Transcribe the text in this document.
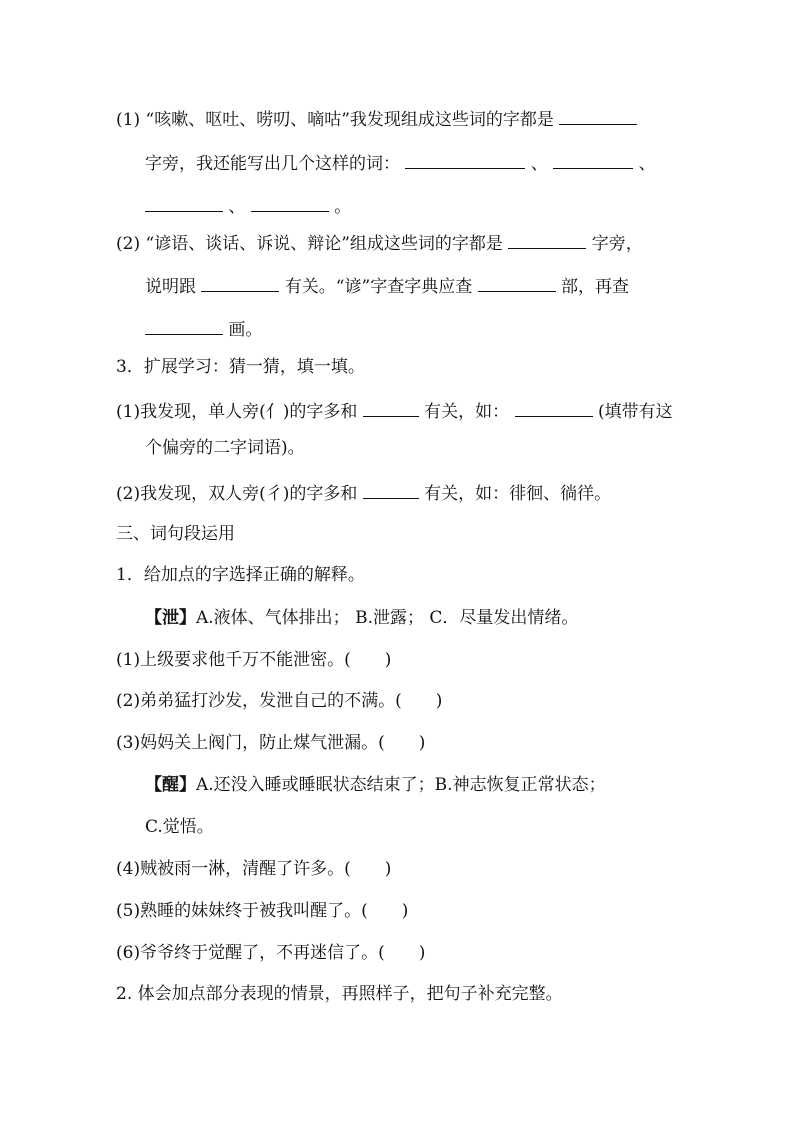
(1) “咳嗽、呕吐、唠叨、嘀咕”我发现组成这些词的字都是
字旁，我还能写出几个这样的词：	、	、
、	。
(2) “谚语、谈话、诉说、辩论”组成这些词的字都是	字旁，
说明跟	有关。“谚”字查字典应查	部，再查
画。
3．扩展学习：猜一猜，填一填。
(1)我发现，单人旁(亻)的字多和	有关，如：	(填带有这
个偏旁的二字词语)。
(2)我发现，双人旁(彳)的字多和	有关，如：徘徊、徜徉。
三、词句段运用
1．给加点的字选择正确的解释。
【泄】A.液体、气体排出； B.泄露； C．尽量发出情绪。
(1)上级要求他千万不能泄密。(　　)
(2)弟弟猛打沙发，发泄自己的不满。(　　)
(3)妈妈关上阀门，防止煤气泄漏。(　　)
【醒】A.还没入睡或睡眠状态结束了；B.神志恢复正常状态；
C.觉悟。
(4)贼被雨一淋，清醒了许多。(　　)
(5)熟睡的妹妹终于被我叫醒了。(　　)
(6)爷爷终于觉醒了，不再迷信了。(　　)
2. 体会加点部分表现的情景，再照样子，把句子补充完整。
